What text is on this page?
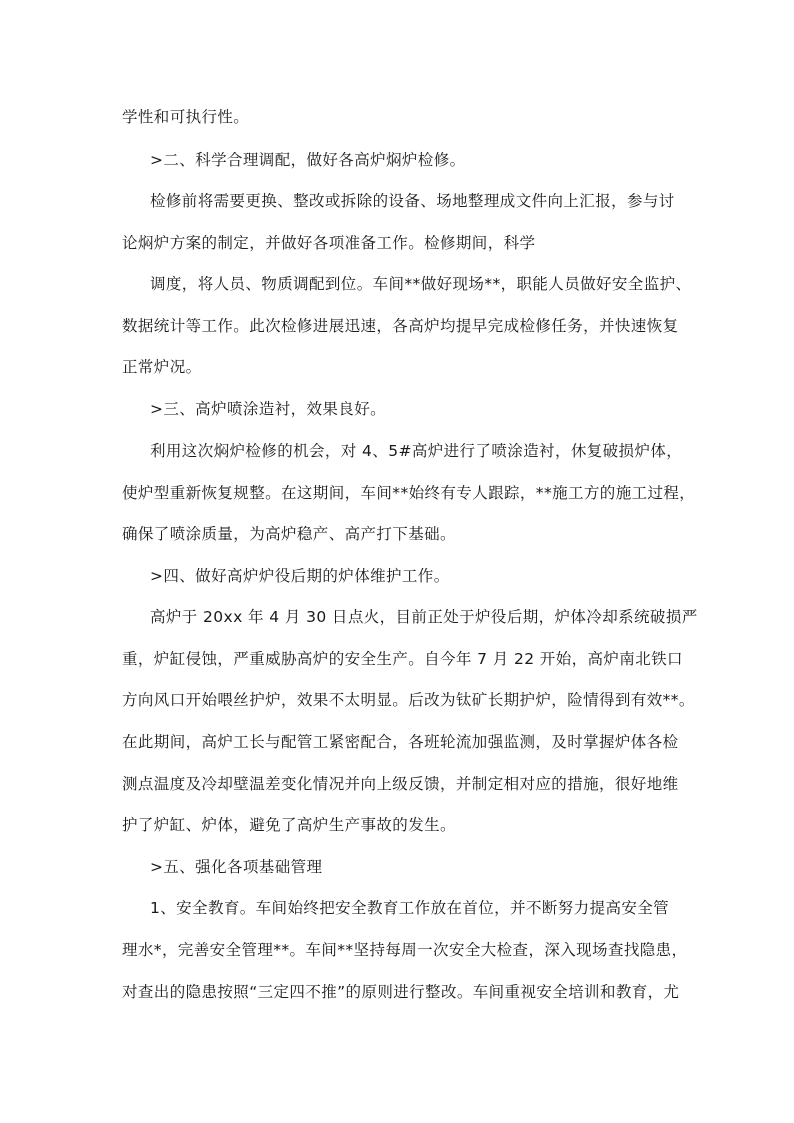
学性和可执行性。
>二、科学合理调配，做好各高炉焖炉检修。
检修前将需要更换、整改或拆除的设备、场地整理成文件向上汇报，参与讨
论焖炉方案的制定，并做好各项准备工作。检修期间，科学
调度，将人员、物质调配到位。车间**做好现场**，职能人员做好安全监护、
数据统计等工作。此次检修进展迅速，各高炉均提早完成检修任务，并快速恢复
正常炉况。
>三、高炉喷涂造衬，效果良好。
利用这次焖炉检修的机会，对 4、5#高炉进行了喷涂造衬，休复破损炉体，
使炉型重新恢复规整。在这期间，车间**始终有专人跟踪，**施工方的施工过程，
确保了喷涂质量，为高炉稳产、高产打下基础。
>四、做好高炉炉役后期的炉体维护工作。
高炉于 20xx 年 4 月 30 日点火，目前正处于炉役后期，炉体冷却系统破损严
重，炉缸侵蚀，严重威胁高炉的安全生产。自今年 7 月 22 开始，高炉南北铁口
方向风口开始喂丝护炉，效果不太明显。后改为钛矿长期护炉，险情得到有效**。
在此期间，高炉工长与配管工紧密配合，各班轮流加强监测，及时掌握炉体各检
测点温度及冷却壁温差变化情况并向上级反馈，并制定相对应的措施，很好地维
护了炉缸、炉体，避免了高炉生产事故的发生。
>五、强化各项基础管理
1、安全教育。车间始终把安全教育工作放在首位，并不断努力提高安全管
理水*，完善安全管理**。车间**坚持每周一次安全大检查，深入现场查找隐患，
对查出的隐患按照“三定四不推”的原则进行整改。车间重视安全培训和教育，尤
